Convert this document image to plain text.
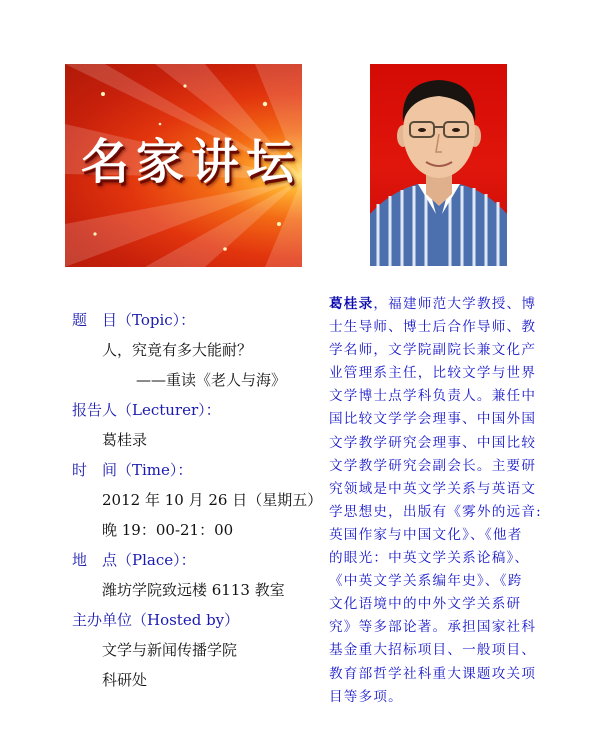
名 家 讲 坛
题　目（Topic）：
人，究竟有多大能耐？
——重读《老人与海》
报告人（Lecturer）：
葛桂录
时　间（Time）：
2012 年 10 月 26 日（星期五）
晚 19：00-21：00
地　点（Place）：
潍坊学院致远楼 6113 教室
主办单位（Hosted by）
文学与新闻传播学院
科研处
葛桂录，福建师范大学教授、博
士生导师、博士后合作导师、教
学名师，文学院副院长兼文化产
业管理系主任，比较文学与世界
文学博士点学科负责人。兼任中
国比较文学学会理事、中国外国
文学教学研究会理事、中国比较
文学教学研究会副会长。主要研
究领域是中英文学关系与英语文
学思想史，出版有《雾外的远音:
英国作家与中国文化》、《他者
的眼光：中英文学关系论稿》、
《中英文学关系编年史》、《跨
文化语境中的中外文学关系研
究》等多部论著。承担国家社科
基金重大招标项目、一般项目、
教育部哲学社科重大课题攻关项
目等多项。
